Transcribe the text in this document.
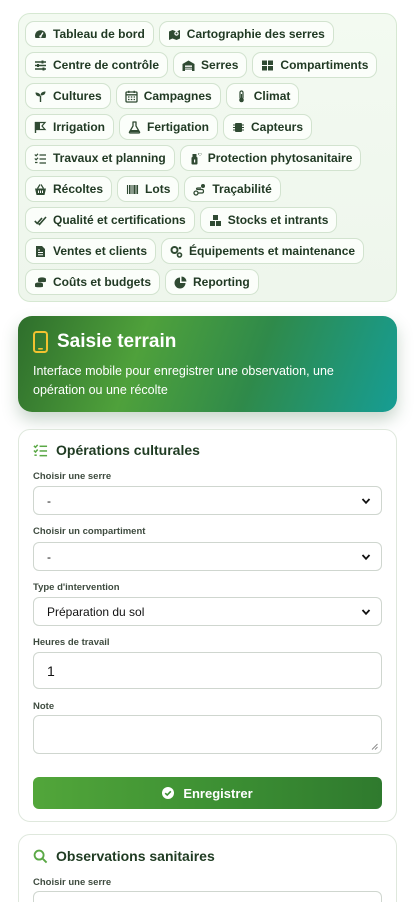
Tableau de bord	Cartographie des serres
Centre de contrôle	Serres	Compartiments
Cultures	Campagnes	Climat
Irrigation	Fertigation	Capteurs
Travaux et planning	Protection phytosanitaire
Récoltes	Lots	Traçabilité
Qualité et certifications	Stocks et intrants
Ventes et clients	Équipements et maintenance
Coûts et budgets	Reporting
Saisie terrain

Interface mobile pour enregistrer une observation, une opération ou une récolte

Opérations culturales
Choisir une serre
-
Choisir un compartiment
-
Type d'intervention
Préparation du sol
Heures de travail
1
Note
Enregistrer
Observations sanitaires
Choisir une serre
